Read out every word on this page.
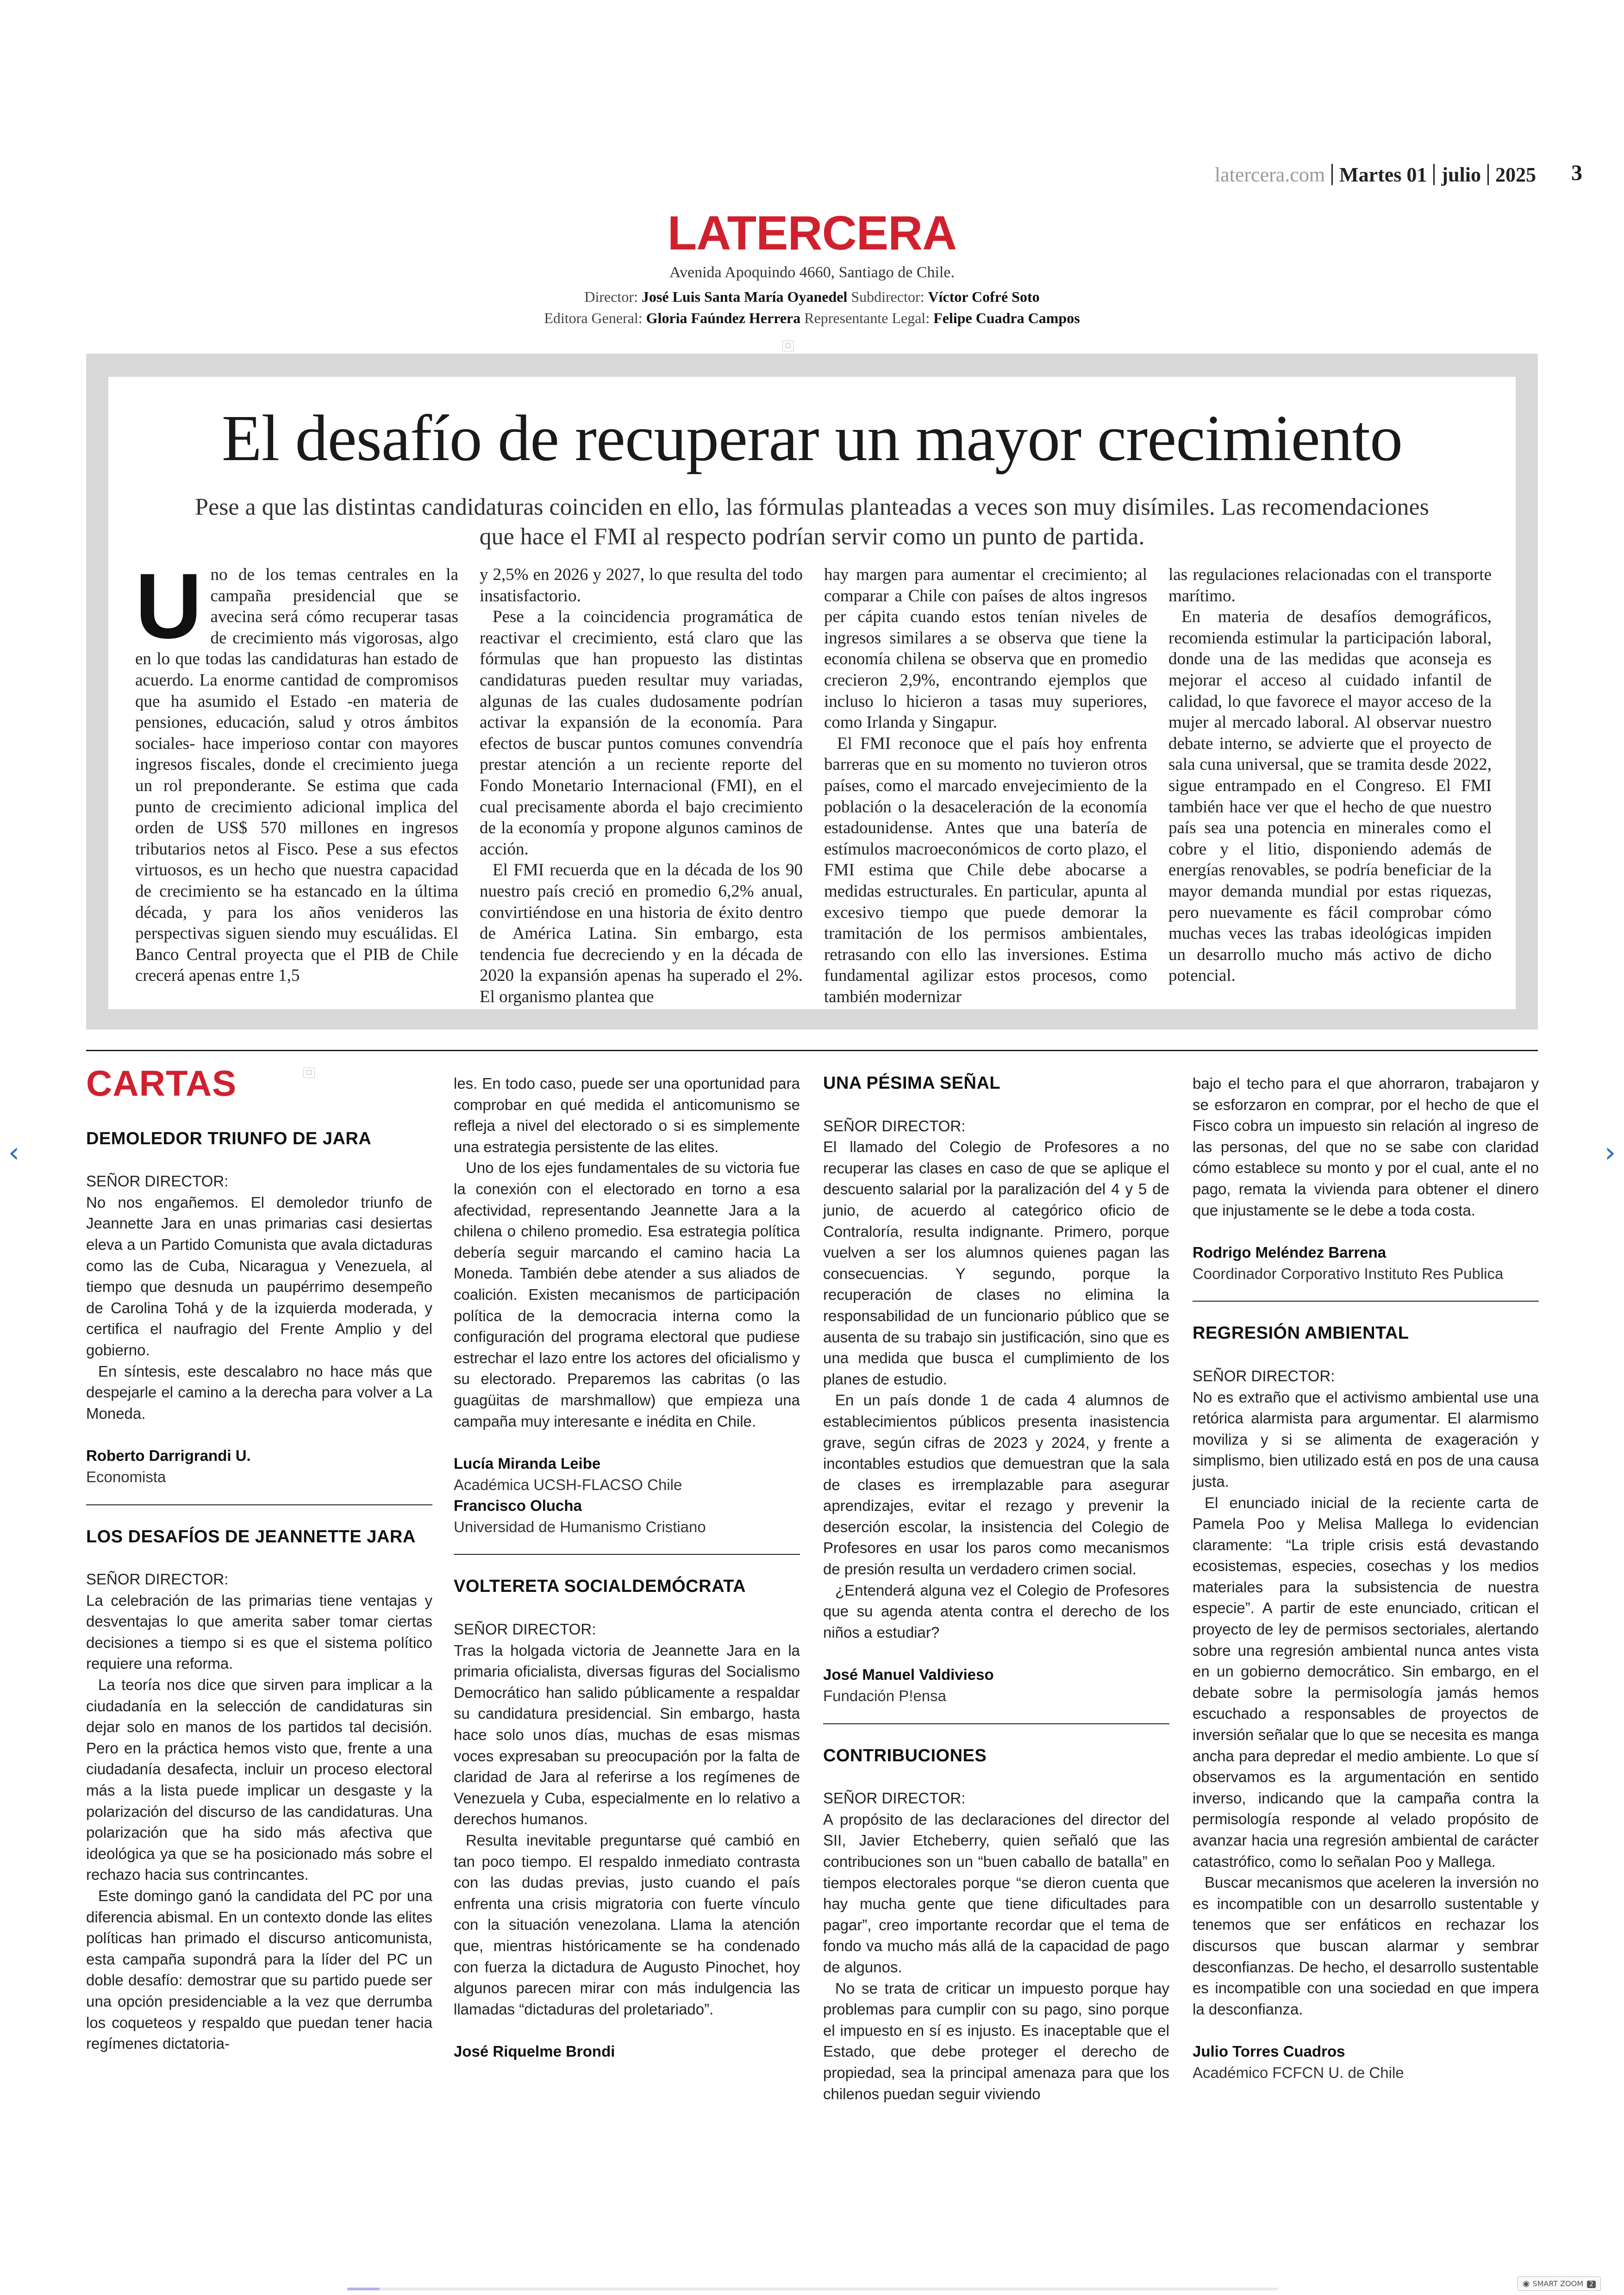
latercera.com Martes 01 julio 2025 3
LATERCERA
Avenida Apoquindo 4660, Santiago de Chile.
Director: José Luis Santa María Oyanedel Subdirector: Víctor Cofré Soto
Editora General: Gloria Faúndez Herrera Representante Legal: Felipe Cuadra Campos
☐
El desafío de recuperar un mayor crecimiento
Pese a que las distintas candidaturas coinciden en ello, las fórmulas planteadas a veces son muy disímiles. Las recomendaciones que hace el FMI al respecto podrían servir como un punto de partida.
U no de los temas centrales en la campaña presidencial que se avecina será cómo recuperar tasas de crecimiento más vigorosas, algo en lo que todas las candidaturas han estado de acuerdo. La enorme cantidad de compromisos que ha asumido el Estado -en materia de pensiones, educación, salud y otros ámbitos sociales- hace imperioso contar con mayores ingresos fiscales, donde el crecimiento juega un rol preponderante. Se estima que cada punto de crecimiento adicional implica del orden de US$ 570 millones en ingresos tributarios netos al Fisco. Pese a sus efectos virtuosos, es un hecho que nuestra capacidad de crecimiento se ha estancado en la última década, y para los años venideros las perspectivas siguen siendo muy escuálidas. El Banco Central proyecta que el PIB de Chile crecerá apenas entre 1,5

y 2,5% en 2026 y 2027, lo que resulta del todo insatisfactorio.

Pese a la coincidencia programática de reactivar el crecimiento, está claro que las fórmulas que han propuesto las distintas candidaturas pueden resultar muy variadas, algunas de las cuales dudosamente podrían activar la expansión de la economía. Para efectos de buscar puntos comunes convendría prestar atención a un reciente reporte del Fondo Monetario Internacional (FMI), en el cual precisamente aborda el bajo crecimiento de la economía y propone algunos caminos de acción.

El FMI recuerda que en la década de los 90 nuestro país creció en promedio 6,2% anual, convirtiéndose en una historia de éxito dentro de América Latina. Sin embargo, esta tendencia fue decreciendo y en la década de 2020 la expansión apenas ha superado el 2%. El organismo plantea que

hay margen para aumentar el crecimiento; al comparar a Chile con países de altos ingresos per cápita cuando estos tenían niveles de ingresos similares a se observa que tiene la economía chilena se observa que en promedio crecieron 2,9%, encontrando ejemplos que incluso lo hicieron a tasas muy superiores, como Irlanda y Singapur.

El FMI reconoce que el país hoy enfrenta barreras que en su momento no tuvieron otros países, como el marcado envejecimiento de la población o la desaceleración de la economía estadounidense. Antes que una batería de estímulos macroeconómicos de corto plazo, el FMI estima que Chile debe abocarse a medidas estructurales. En particular, apunta al excesivo tiempo que puede demorar la tramitación de los permisos ambientales, retrasando con ello las inversiones. Estima fundamental agilizar estos procesos, como también modernizar

las regulaciones relacionadas con el transporte marítimo.

En materia de desafíos demográficos, recomienda estimular la participación laboral, donde una de las medidas que aconseja es mejorar el acceso al cuidado infantil de calidad, lo que favorece el mayor acceso de la mujer al mercado laboral. Al observar nuestro debate interno, se advierte que el proyecto de sala cuna universal, que se tramita desde 2022, sigue entrampado en el Congreso. El FMI también hace ver que el hecho de que nuestro país sea una potencia en minerales como el cobre y el litio, disponiendo además de energías renovables, se podría beneficiar de la mayor demanda mundial por estas riquezas, pero nuevamente es fácil comprobar cómo muchas veces las trabas ideológicas impiden un desarrollo mucho más activo de dicho potencial.

CARTAS

DEMOLEDOR TRIUNFO DE JARA

SEÑOR DIRECTOR:

No nos engañemos. El demoledor triunfo de Jeannette Jara en unas primarias casi desiertas eleva a un Partido Comunista que avala dictaduras como las de Cuba, Nicaragua y Venezuela, al tiempo que desnuda un paupérrimo desempeño de Carolina Tohá y de la izquierda moderada, y certifica el naufragio del Frente Amplio y del gobierno.

En síntesis, este descalabro no hace más que despejarle el camino a la derecha para volver a La Moneda.

Roberto Darrigrandi U.

Economista

LOS DESAFÍOS DE JEANNETTE JARA

SEÑOR DIRECTOR:

La celebración de las primarias tiene ventajas y desventajas lo que amerita saber tomar ciertas decisiones a tiempo si es que el sistema político requiere una reforma.

La teoría nos dice que sirven para implicar a la ciudadanía en la selección de candidaturas sin dejar solo en manos de los partidos tal decisión. Pero en la práctica hemos visto que, frente a una ciudadanía desafecta, incluir un proceso electoral más a la lista puede implicar un desgaste y la polarización del discurso de las candidaturas. Una polarización que ha sido más afectiva que ideológica ya que se ha posicionado más sobre el rechazo hacia sus contrincantes.

Este domingo ganó la candidata del PC por una diferencia abismal. En un contexto donde las elites políticas han primado el discurso anticomunista, esta campaña supondrá para la líder del PC un doble desafío: demostrar que su partido puede ser una opción presidenciable a la vez que derrumba los coqueteos y respaldo que puedan tener hacia regímenes dictatoria-

☐

les. En todo caso, puede ser una oportunidad para comprobar en qué medida el anticomunismo se refleja a nivel del electorado o si es simplemente una estrategia persistente de las elites.

Uno de los ejes fundamentales de su victoria fue la conexión con el electorado en torno a esa afectividad, representando Jeannette Jara a la chilena o chileno promedio. Esa estrategia política debería seguir marcando el camino hacia La Moneda. También debe atender a sus aliados de coalición. Existen mecanismos de participación política de la democracia interna como la configuración del programa electoral que pudiese estrechar el lazo entre los actores del oficialismo y su electorado. Preparemos las cabritas (o las guagüitas de marshmallow) que empieza una campaña muy interesante e inédita en Chile.

Lucía Miranda Leibe

Académica UCSH-FLACSO Chile

Francisco Olucha

Universidad de Humanismo Cristiano

VOLTERETA SOCIALDEMÓCRATA

SEÑOR DIRECTOR:

Tras la holgada victoria de Jeannette Jara en la primaria oficialista, diversas figuras del Socialismo Democrático han salido públicamente a respaldar su candidatura presidencial. Sin embargo, hasta hace solo unos días, muchas de esas mismas voces expresaban su preocupación por la falta de claridad de Jara al referirse a los regímenes de Venezuela y Cuba, especialmente en lo relativo a derechos humanos.

Resulta inevitable preguntarse qué cambió en tan poco tiempo. El respaldo inmediato contrasta con las dudas previas, justo cuando el país enfrenta una crisis migratoria con fuerte vínculo con la situación venezolana. Llama la atención que, mientras históricamente se ha condenado con fuerza la dictadura de Augusto Pinochet, hoy algunos parecen mirar con más indulgencia las llamadas “dictaduras del proletariado”.

José Riquelme Brondi

UNA PÉSIMA SEÑAL

SEÑOR DIRECTOR:

El llamado del Colegio de Profesores a no recuperar las clases en caso de que se aplique el descuento salarial por la paralización del 4 y 5 de junio, de acuerdo al categórico oficio de Contraloría, resulta indignante. Primero, porque vuelven a ser los alumnos quienes pagan las consecuencias. Y segundo, porque la recuperación de clases no elimina la responsabilidad de un funcionario público que se ausenta de su trabajo sin justificación, sino que es una medida que busca el cumplimiento de los planes de estudio.

En un país donde 1 de cada 4 alumnos de establecimientos públicos presenta inasistencia grave, según cifras de 2023 y 2024, y frente a incontables estudios que demuestran que la sala de clases es irremplazable para asegurar aprendizajes, evitar el rezago y prevenir la deserción escolar, la insistencia del Colegio de Profesores en usar los paros como mecanismos de presión resulta un verdadero crimen social.

¿Entenderá alguna vez el Colegio de Profesores que su agenda atenta contra el derecho de los niños a estudiar?

José Manuel Valdivieso

Fundación P!ensa

CONTRIBUCIONES

SEÑOR DIRECTOR:

A propósito de las declaraciones del director del SII, Javier Etcheberry, quien señaló que las contribuciones son un “buen caballo de batalla” en tiempos electorales porque “se dieron cuenta que hay mucha gente que tiene dificultades para pagar”, creo importante recordar que el tema de fondo va mucho más allá de la capacidad de pago de algunos.

No se trata de criticar un impuesto porque hay problemas para cumplir con su pago, sino porque el impuesto en sí es injusto. Es inaceptable que el Estado, que debe proteger el derecho de propiedad, sea la principal amenaza para que los chilenos puedan seguir viviendo

bajo el techo para el que ahorraron, trabajaron y se esforzaron en comprar, por el hecho de que el Fisco cobra un impuesto sin relación al ingreso de las personas, del que no se sabe con claridad cómo establece su monto y por el cual, ante el no pago, remata la vivienda para obtener el dinero que injustamente se le debe a toda costa.

Rodrigo Meléndez Barrena

Coordinador Corporativo Instituto Res Publica

REGRESIÓN AMBIENTAL

SEÑOR DIRECTOR:

No es extraño que el activismo ambiental use una retórica alarmista para argumentar. El alarmismo moviliza y si se alimenta de exageración y simplismo, bien utilizado está en pos de una causa justa.

El enunciado inicial de la reciente carta de Pamela Poo y Melisa Mallega lo evidencian claramente: “La triple crisis está devastando ecosistemas, especies, cosechas y los medios materiales para la subsistencia de nuestra especie”. A partir de este enunciado, critican el proyecto de ley de permisos sectoriales, alertando sobre una regresión ambiental nunca antes vista en un gobierno democrático. Sin embargo, en el debate sobre la permisología jamás hemos escuchado a responsables de proyectos de inversión señalar que lo que se necesita es manga ancha para depredar el medio ambiente. Lo que sí observamos es la argumentación en sentido inverso, indicando que la campaña contra la permisología responde al velado propósito de avanzar hacia una regresión ambiental de carácter catastrófico, como lo señalan Poo y Mallega.

Buscar mecanismos que aceleren la inversión no es incompatible con un desarrollo sustentable y tenemos que ser enfáticos en rechazar los discursos que buscan alarmar y sembrar desconfianzas. De hecho, el desarrollo sustentable es incompatible con una sociedad en que impera la desconfianza.

Julio Torres Cuadros

Académico FCFCN U. de Chile

‹	›
◉ SMART ZOOM 2
